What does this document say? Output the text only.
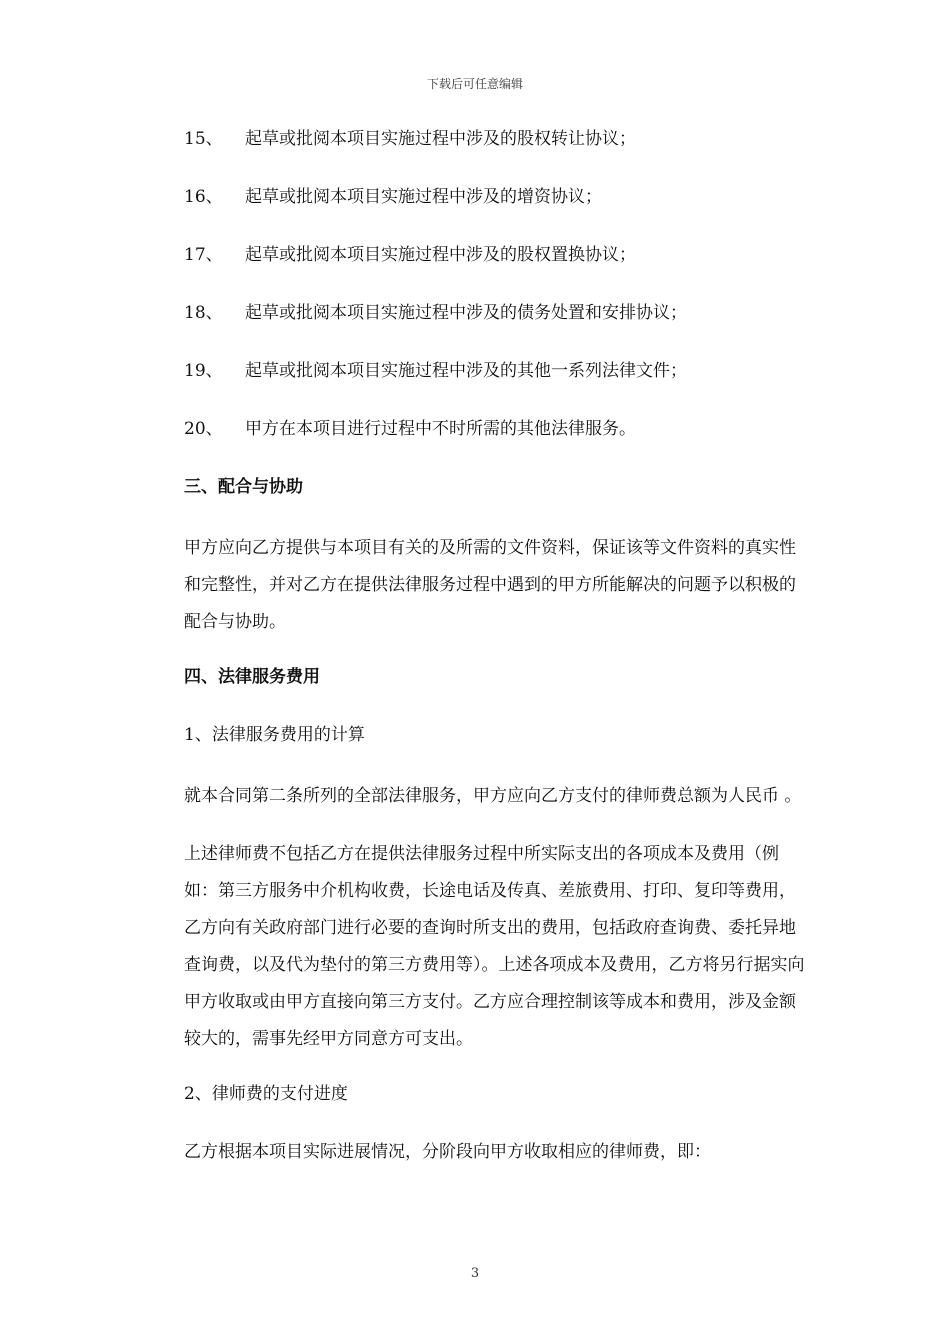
下载后可任意编辑
15、 起草或批阅本项目实施过程中涉及的股权转让协议；
16、 起草或批阅本项目实施过程中涉及的增资协议；
17、 起草或批阅本项目实施过程中涉及的股权置换协议；
18、 起草或批阅本项目实施过程中涉及的债务处置和安排协议；
19、 起草或批阅本项目实施过程中涉及的其他一系列法律文件；
20、 甲方在本项目进行过程中不时所需的其他法律服务。
三、配合与协助
甲方应向乙方提供与本项目有关的及所需的文件资料，保证该等文件资料的真实性和完整性，并对乙方在提供法律服务过程中遇到的甲方所能解决的问题予以积极的配合与协助。
四、法律服务费用
1、法律服务费用的计算
就本合同第二条所列的全部法律服务，甲方应向乙方支付的律师费总额为人民币 。
上述律师费不包括乙方在提供法律服务过程中所实际支出的各项成本及费用（例如：第三方服务中介机构收费，长途电话及传真、差旅费用、打印、复印等费用，乙方向有关政府部门进行必要的查询时所支出的费用，包括政府查询费、委托异地查询费，以及代为垫付的第三方费用等）。上述各项成本及费用，乙方将另行据实向甲方收取或由甲方直接向第三方支付。乙方应合理控制该等成本和费用，涉及金额较大的，需事先经甲方同意方可支出。
2、律师费的支付进度
乙方根据本项目实际进展情况，分阶段向甲方收取相应的律师费，即：
3
